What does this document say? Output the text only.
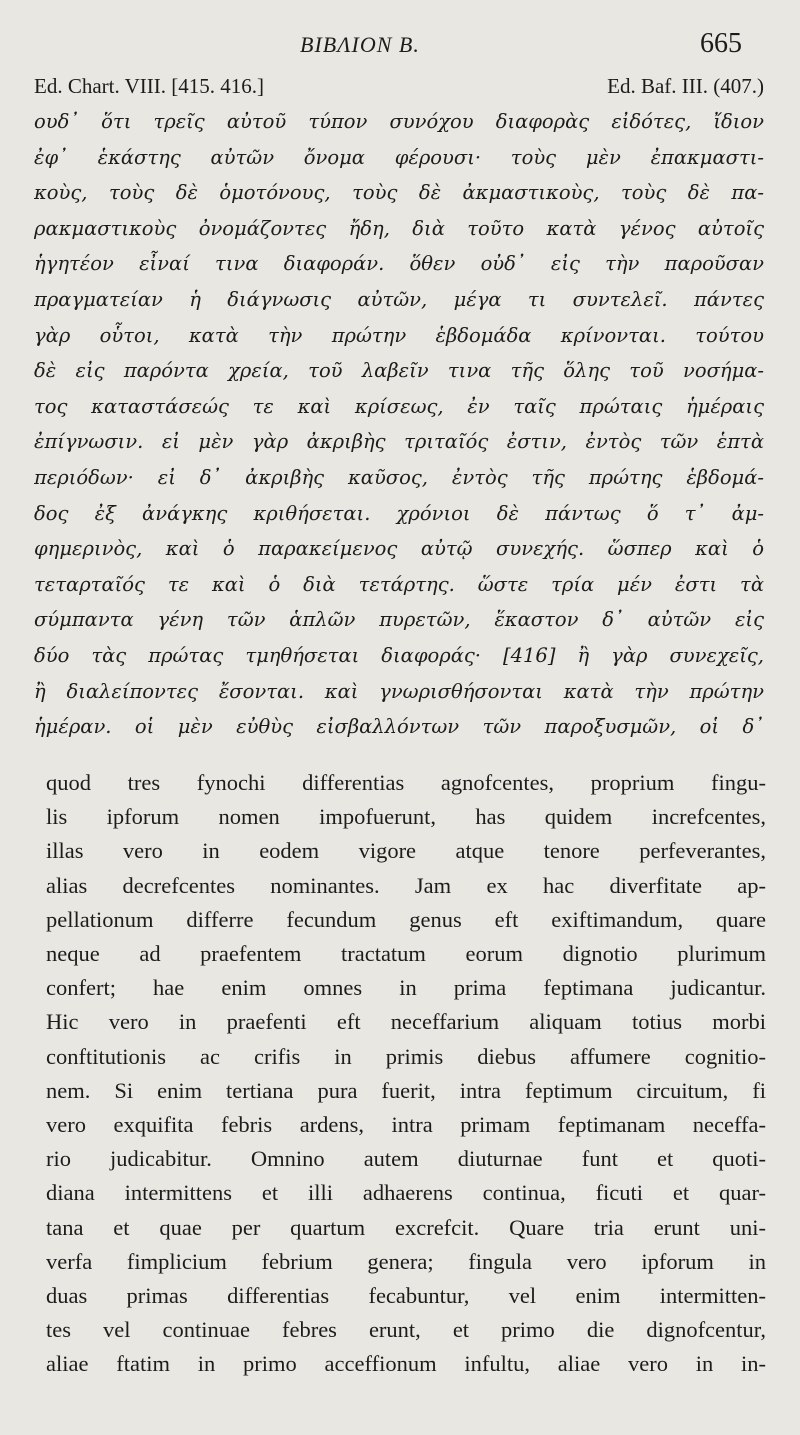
BIBΛION B.	665
Ed. Chart. VIII. [415. 416.]	Ed. Baf. III. (407.)
ουδ᾽ ὅτι τρεῖς αὐτοῦ τύπον συνόχου διαφορὰς εἰδότες, ἴδιον
ἐφ᾽ ἑκάστης αὐτῶν ὄνομα φέρουσι· τοὺς μὲν ἐπακμαστι-
κοὺς, τοὺς δὲ ὁμοτόνους, τοὺς δὲ ἀκμαστικοὺς, τοὺς δὲ πα-
ρακμαστικοὺς ὀνομάζοντες ἤδη, διὰ τοῦτο κατὰ γένος αὐτοῖς
ἡγητέον εἶναί τινα διαφοράν. ὅθεν οὐδ᾽ εἰς τὴν παροῦσαν
πραγματείαν ἡ διάγνωσις αὐτῶν, μέγα τι συντελεῖ. πάντες
γὰρ οὗτοι, κατὰ τὴν πρώτην ἑβδομάδα κρίνονται. τούτου
δὲ εἰς παρόντα χρεία, τοῦ λαβεῖν τινα τῆς ὅλης τοῦ νοσήμα-
τος καταστάσεώς τε καὶ κρίσεως, ἐν ταῖς πρώταις ἡμέραις
ἐπίγνωσιν. εἰ μὲν γὰρ ἀκριβὴς τριταῖός ἐστιν, ἐντὸς τῶν ἑπτὰ
περιόδων· εἰ δ᾽ ἀκριβὴς καῦσος, ἐντὸς τῆς πρώτης ἑβδομά-
δος ἐξ ἀνάγκης κριθήσεται. χρόνιοι δὲ πάντως ὅ τ᾽ ἀμ-
φημερινὸς, καὶ ὁ παρακείμενος αὐτῷ συνεχής. ὥσπερ καὶ ὁ
τεταρταῖός τε καὶ ὁ διὰ τετάρτης. ὥστε τρία μέν ἐστι τὰ
σύμπαντα γένη τῶν ἁπλῶν πυρετῶν, ἕκαστον δ᾽ αὐτῶν εἰς
δύο τὰς πρώτας τμηθήσεται διαφοράς· [416] ἢ γὰρ συνεχεῖς,
ἢ διαλείποντες ἔσονται. καὶ γνωρισθήσονται κατὰ τὴν πρώτην
ἡμέραν. οἱ μὲν εὐθὺς εἰσβαλλόντων τῶν παροξυσμῶν, οἱ δ᾽
quod tres fynochi differentias agnofcentes, proprium fingu-
lis ipforum nomen impofuerunt, has quidem increfcentes,
illas vero in eodem vigore atque tenore perfeverantes,
alias decrefcentes nominantes. Jam ex hac diverfitate ap-
pellationum differre fecundum genus eft exiftimandum, quare
neque ad praefentem tractatum eorum dignotio plurimum
confert; hae enim omnes in prima feptimana judicantur.
Hic vero in praefenti eft neceffarium aliquam totius morbi
conftitutionis ac crifis in primis diebus affumere cognitio-
nem. Si enim tertiana pura fuerit, intra feptimum circuitum, fi
vero exquifita febris ardens, intra primam feptimanam neceffa-
rio judicabitur. Omnino autem diuturnae funt et quoti-
diana intermittens et illi adhaerens continua, ficuti et quar-
tana et quae per quartum excrefcit. Quare tria erunt uni-
verfa fimplicium febrium genera; fingula vero ipforum in
duas primas differentias fecabuntur, vel enim intermitten-
tes vel continuae febres erunt, et primo die dignofcentur,
aliae ftatim in primo acceffionum infultu, aliae vero in in-
